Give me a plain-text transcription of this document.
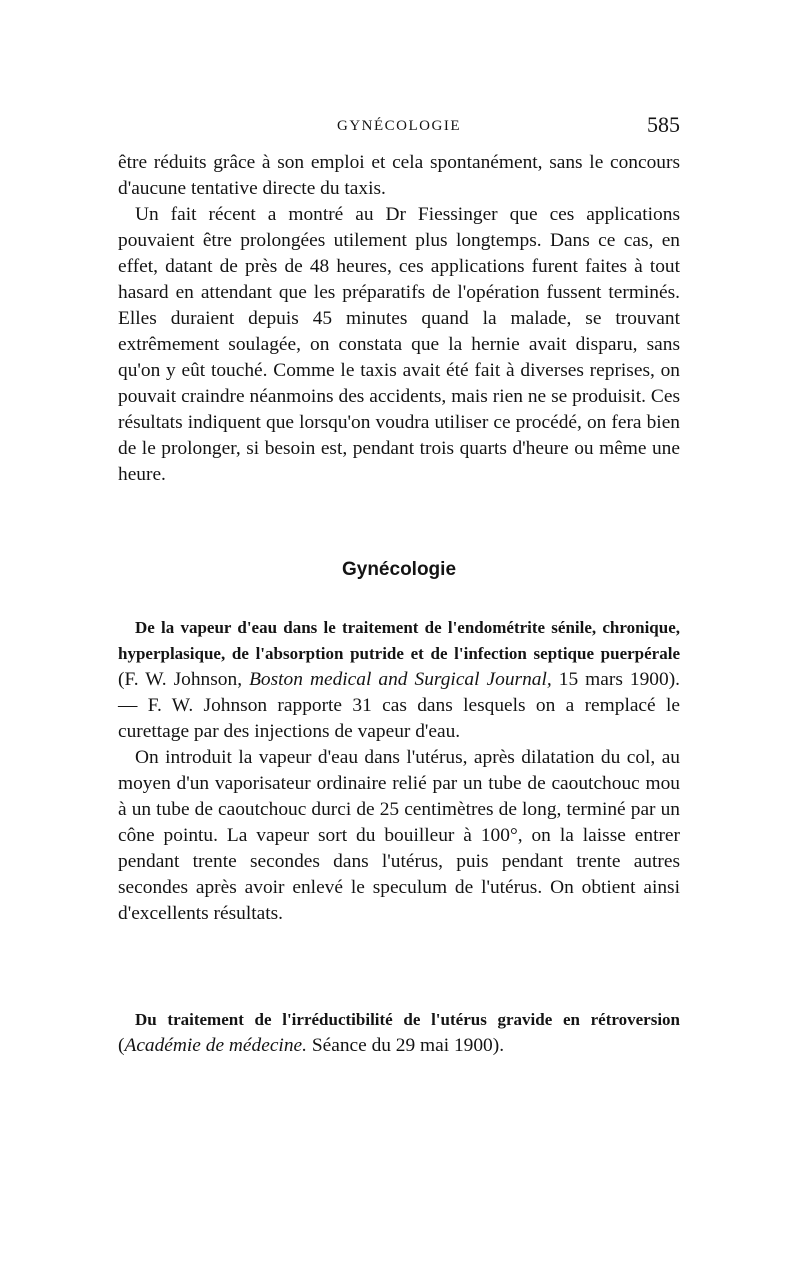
GYNÉCOLOGIE	585

être réduits grâce à son emploi et cela spontanément, sans le concours d'aucune tentative directe du taxis.

Un fait récent a montré au Dr Fiessinger que ces applications pouvaient être prolongées utilement plus longtemps. Dans ce cas, en effet, datant de près de 48 heures, ces applications furent faites à tout hasard en attendant que les préparatifs de l'opération fussent terminés. Elles duraient depuis 45 minutes quand la malade, se trouvant extrêmement soulagée, on constata que la hernie avait disparu, sans qu'on y eût touché. Comme le taxis avait été fait à diverses reprises, on pouvait craindre néanmoins des accidents, mais rien ne se produisit. Ces résultats indiquent que lorsqu'on voudra utiliser ce procédé, on fera bien de le prolonger, si besoin est, pendant trois quarts d'heure ou même une heure.

Gynécologie

De la vapeur d'eau dans le traitement de l'endométrite sénile, chronique, hyperplasique, de l'absorption putride et de l'infection septique puerpérale (F. W. Johnson, Boston medical and Surgical Journal, 15 mars 1900). — F. W. Johnson rapporte 31 cas dans lesquels on a remplacé le curettage par des injections de vapeur d'eau.

On introduit la vapeur d'eau dans l'utérus, après dilatation du col, au moyen d'un vaporisateur ordinaire relié par un tube de caoutchouc mou à un tube de caoutchouc durci de 25 centimètres de long, terminé par un cône pointu. La vapeur sort du bouilleur à 100°, on la laisse entrer pendant trente secondes dans l'utérus, puis pendant trente autres secondes après avoir enlevé le speculum de l'utérus. On obtient ainsi d'excellents résultats.

Du traitement de l'irréductibilité de l'utérus gravide en rétroversion (Académie de médecine. Séance du 29 mai 1900).
